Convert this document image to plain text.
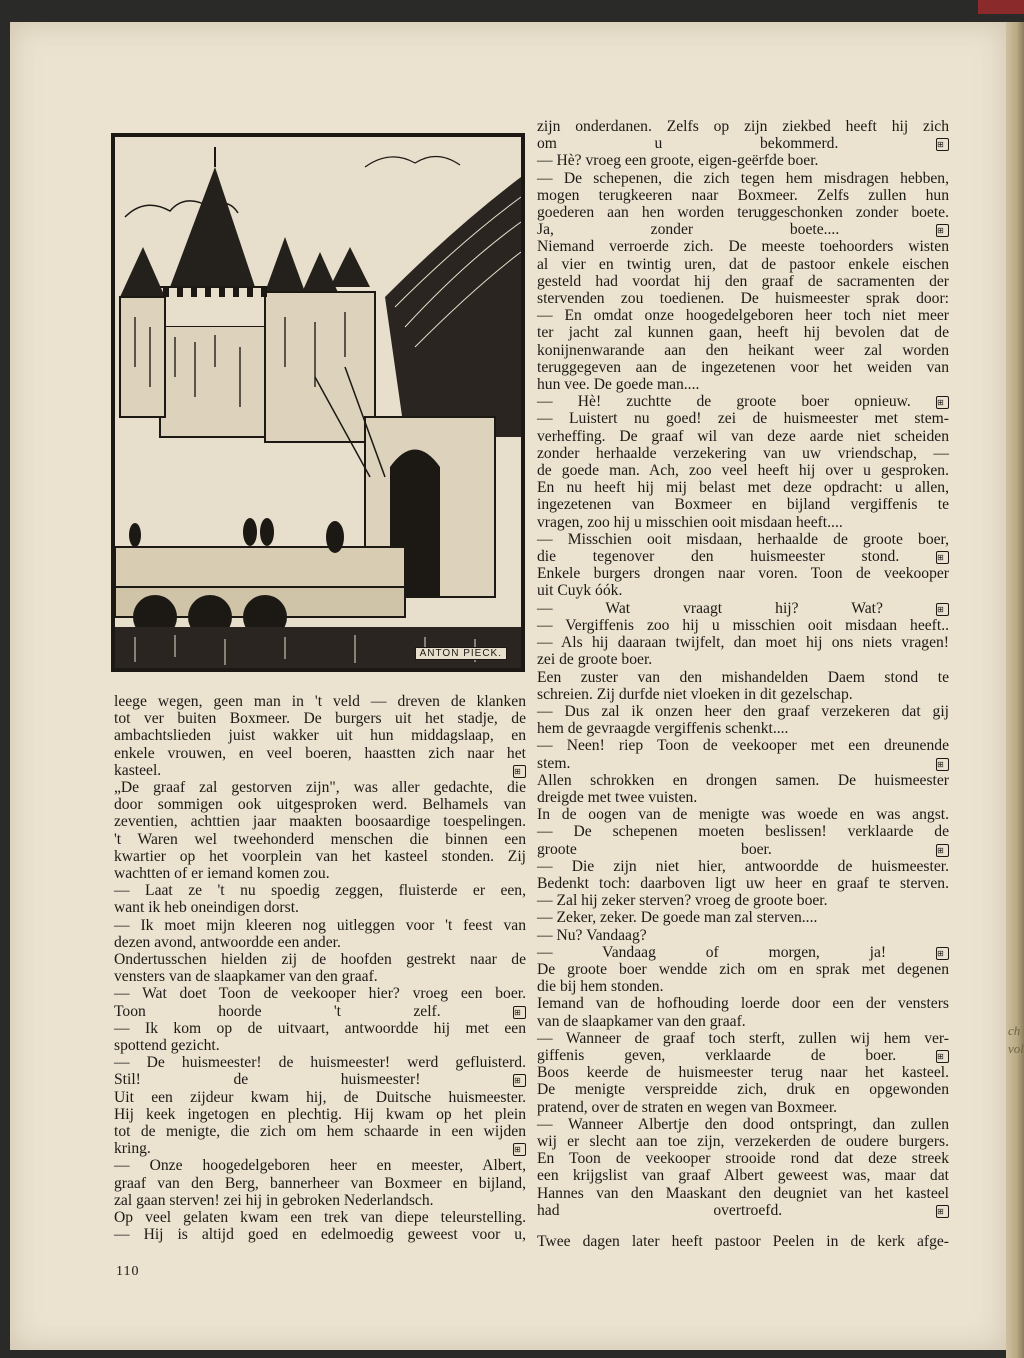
ch
vol
ANTON PIECK.
leege wegen, geen man in 't veld — dreven de klanken
tot ver buiten Boxmeer. De burgers uit het stadje, de
ambachtslieden juist wakker uit hun middagslaap, en
enkele vrouwen, en veel boeren, haastten zich naar het
kasteel.	⊞
„De graaf zal gestorven zijn", was aller gedachte, die
door sommigen ook uitgesproken werd. Belhamels van
zeventien, achttien jaar maakten boosaardige toespelingen.
't Waren wel tweehonderd menschen die binnen een
kwartier op het voorplein van het kasteel stonden. Zij
wachtten of er iemand komen zou.
— Laat ze 't nu spoedig zeggen, fluisterde er een,
want ik heb oneindigen dorst.
— Ik moet mijn kleeren nog uitleggen voor 't feest van
dezen avond, antwoordde een ander.
Ondertusschen hielden zij de hoofden gestrekt naar de
vensters van de slaapkamer van den graaf.
— Wat doet Toon de veekooper hier? vroeg een boer.
Toon hoorde 't zelf.	⊞
— Ik kom op de uitvaart, antwoordde hij met een
spottend gezicht.
— De huismeester! de huismeester! werd gefluisterd.
Stil! de huismeester!	⊞
Uit een zijdeur kwam hij, de Duitsche huismeester.
Hij keek ingetogen en plechtig. Hij kwam op het plein
tot de menigte, die zich om hem schaarde in een wijden
kring.	⊞
— Onze hoogedelgeboren heer en meester, Albert,
graaf van den Berg, bannerheer van Boxmeer en bijland,
zal gaan sterven! zei hij in gebroken Nederlandsch.
Op veel gelaten kwam een trek van diepe teleurstelling.
— Hij is altijd goed en edelmoedig geweest voor u,
zijn onderdanen. Zelfs op zijn ziekbed heeft hij zich
om u bekommerd.	⊞
— Hè? vroeg een groote, eigen-geërfde boer.
— De schepenen, die zich tegen hem misdragen hebben,
mogen terugkeeren naar Boxmeer. Zelfs zullen hun
goederen aan hen worden teruggeschonken zonder boete.
Ja, zonder boete....	⊞
Niemand verroerde zich. De meeste toehoorders wisten
al vier en twintig uren, dat de pastoor enkele eischen
gesteld had voordat hij den graaf de sacramenten der
stervenden zou toedienen. De huismeester sprak door:
— En omdat onze hoogedelgeboren heer toch niet meer
ter jacht zal kunnen gaan, heeft hij bevolen dat de
konijnenwarande aan den heikant weer zal worden
teruggegeven aan de ingezetenen voor het weiden van
hun vee. De goede man....
— Hè! zuchtte de groote boer opnieuw.	⊞
— Luistert nu goed! zei de huismeester met stem-
verheffing. De graaf wil van deze aarde niet scheiden
zonder herhaalde verzekering van uw vriendschap, —
de goede man. Ach, zoo veel heeft hij over u gesproken.
En nu heeft hij mij belast met deze opdracht: u allen,
ingezetenen van Boxmeer en bijland vergiffenis te
vragen, zoo hij u misschien ooit misdaan heeft....
— Misschien ooit misdaan, herhaalde de groote boer,
die tegenover den huismeester stond.	⊞
Enkele burgers drongen naar voren. Toon de veekooper
uit Cuyk óók.
— Wat vraagt hij? Wat?	⊞
— Vergiffenis zoo hij u misschien ooit misdaan heeft..
— Als hij daaraan twijfelt, dan moet hij ons niets vragen!
zei de groote boer.
Een zuster van den mishandelden Daem stond te
schreien. Zij durfde niet vloeken in dit gezelschap.
— Dus zal ik onzen heer den graaf verzekeren dat gij
hem de gevraagde vergiffenis schenkt....
— Neen! riep Toon de veekooper met een dreunende
stem.	⊞
Allen schrokken en drongen samen. De huismeester
dreigde met twee vuisten.
In de oogen van de menigte was woede en was angst.
— De schepenen moeten beslissen! verklaarde de
groote boer.	⊞
— Die zijn niet hier, antwoordde de huismeester.
Bedenkt toch: daarboven ligt uw heer en graaf te sterven.
— Zal hij zeker sterven? vroeg de groote boer.
— Zeker, zeker. De goede man zal sterven....
— Nu? Vandaag?
— Vandaag of morgen, ja!	⊞
De groote boer wendde zich om en sprak met degenen
die bij hem stonden.
Iemand van de hofhouding loerde door een der vensters
van de slaapkamer van den graaf.
— Wanneer de graaf toch sterft, zullen wij hem ver-
giffenis geven, verklaarde de boer.	⊞
Boos keerde de huismeester terug naar het kasteel.
De menigte verspreidde zich, druk en opgewonden
pratend, over de straten en wegen van Boxmeer.
— Wanneer Albertje den dood ontspringt, dan zullen
wij er slecht aan toe zijn, verzekerden de oudere burgers.
En Toon de veekooper strooide rond dat deze streek
een krijgslist van graaf Albert geweest was, maar dat
Hannes van den Maaskant den deugniet van het kasteel
had overtroefd.	⊞
Twee dagen later heeft pastoor Peelen in de kerk afge-
110
